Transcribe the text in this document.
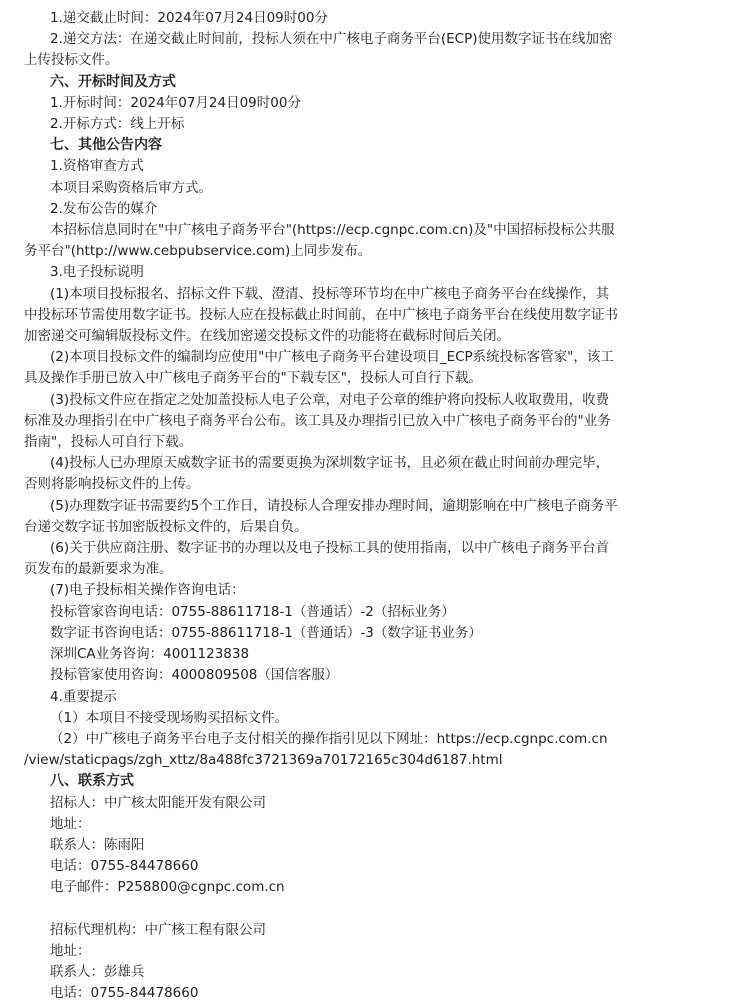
1.递交截止时间：2024年07月24日09时00分
2.递交方法：在递交截止时间前，投标人须在中广核电子商务平台(ECP)使用数字证书在线加密
上传投标文件。
六、开标时间及方式
1.开标时间：2024年07月24日09时00分
2.开标方式：线上开标
七、其他公告内容
1.资格审查方式
本项目采购资格后审方式。
2.发布公告的媒介
本招标信息同时在"中广核电子商务平台"(https://ecp.cgnpc.com.cn)及"中国招标投标公共服
务平台"(http://www.cebpubservice.com)上同步发布。
3.电子投标说明
(1)本项目投标报名、招标文件下载、澄清、投标等环节均在中广核电子商务平台在线操作，其
中投标环节需使用数字证书。投标人应在投标截止时间前，在中广核电子商务平台在线使用数字证书
加密递交可编辑版投标文件。在线加密递交投标文件的功能将在截标时间后关闭。
(2)本项目投标文件的编制均应使用"中广核电子商务平台建设项目_ECP系统投标客管家"，该工
具及操作手册已放入中广核电子商务平台的"下载专区"，投标人可自行下载。
(3)投标文件应在指定之处加盖投标人电子公章，对电子公章的维护将向投标人收取费用，收费
标准及办理指引在中广核电子商务平台公布。该工具及办理指引已放入中广核电子商务平台的"业务
指南"，投标人可自行下载。
(4)投标人已办理原天威数字证书的需要更换为深圳数字证书，且必须在截止时间前办理完毕，
否则将影响投标文件的上传。
(5)办理数字证书需要约5个工作日，请投标人合理安排办理时间，逾期影响在中广核电子商务平
台递交数字证书加密版投标文件的，后果自负。
(6)关于供应商注册、数字证书的办理以及电子投标工具的使用指南，以中广核电子商务平台首
页发布的最新要求为准。
(7)电子投标相关操作咨询电话：
投标管家咨询电话：0755-88611718-1（普通话）-2（招标业务）
数字证书咨询电话：0755-88611718-1（普通话）-3（数字证书业务）
深圳CA业务咨询：4001123838
投标管家使用咨询：4000809508（国信客服）
4.重要提示
（1）本项目不接受现场购买招标文件。
（2）中广核电子商务平台电子支付相关的操作指引见以下网址：https://ecp.cgnpc.com.cn
/view/staticpags/zgh_xttz/8a488fc3721369a70172165c304d6187.html
八、联系方式
招标人：中广核太阳能开发有限公司
地址：
联系人：陈雨阳
电话：0755-84478660
电子邮件：P258800@cgnpc.com.cn
招标代理机构：中广核工程有限公司
地址：
联系人：彭雄兵
电话：0755-84478660
